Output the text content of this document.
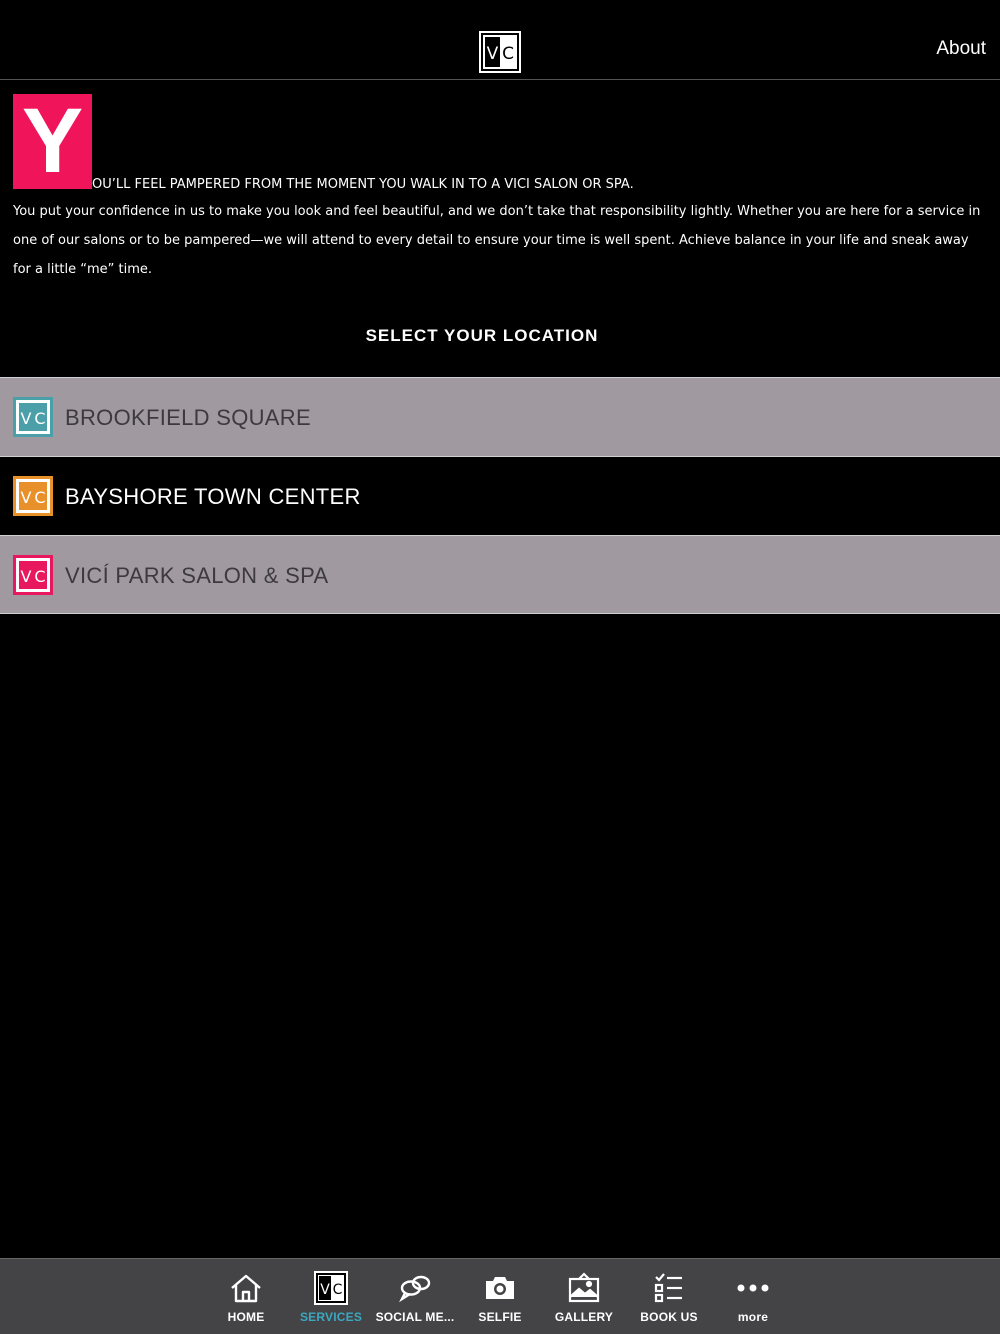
V C	About
Y OU’LL FEEL PAMPERED FROM THE MOMENT YOU WALK IN TO A VICI SALON OR SPA.
You put your confidence in us to make you look and feel beautiful, and we don’t take that responsibility lightly. Whether you are here for a service in one of our salons or to be pampered—we will attend to every detail to ensure your time is well spent. Achieve balance in your life and sneak away for a little “me” time.
SELECT YOUR LOCATION
V C BROOKFIELD SQUARE
V C BAYSHORE TOWN CENTER
V C VICÍ PARK SALON & SPA
HOME
V C
SERVICES	SOCIAL ME...	SELFIE	GALLERY	BOOK US	more
